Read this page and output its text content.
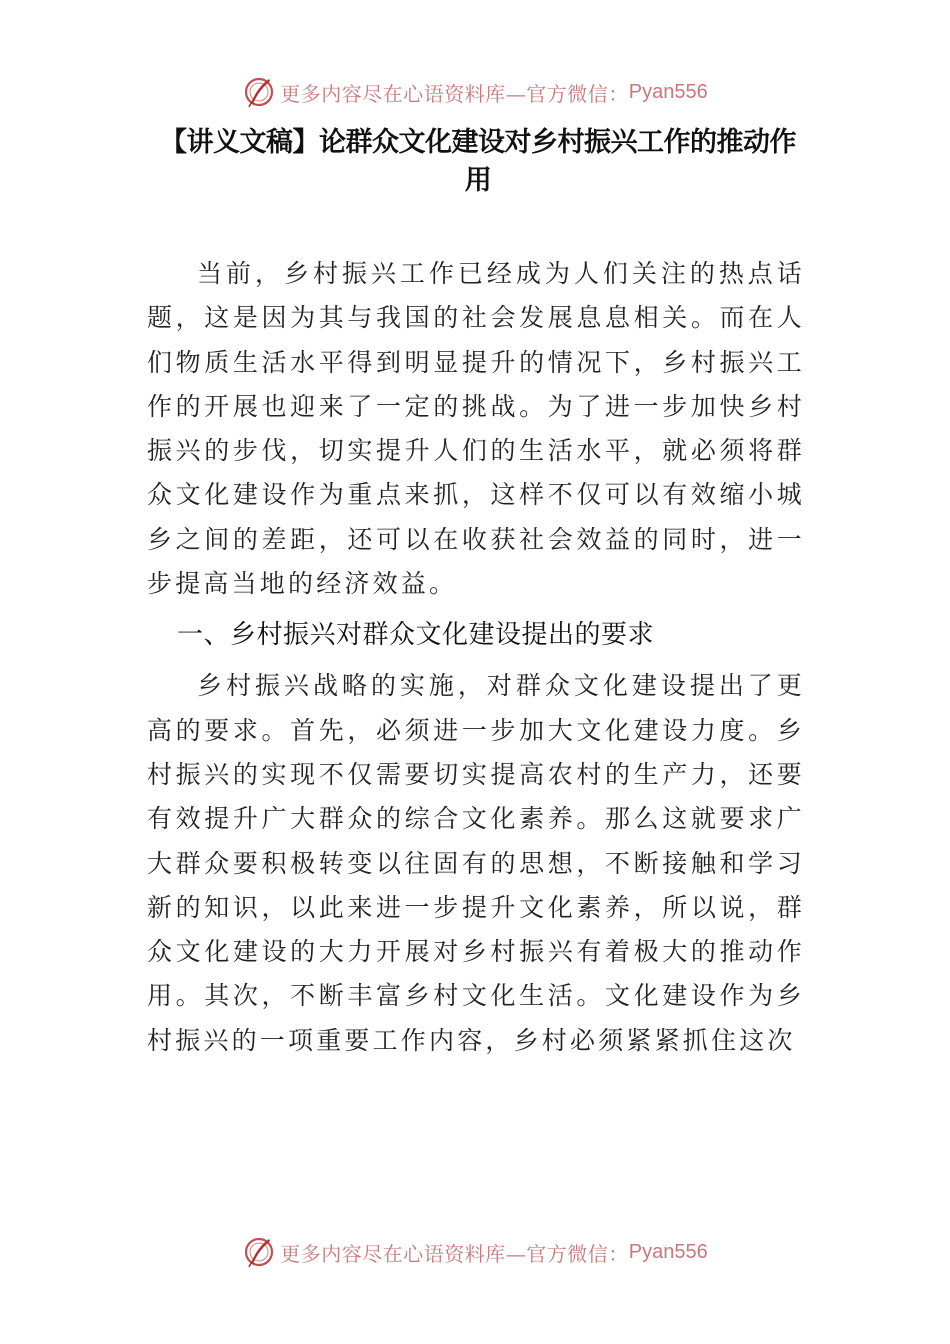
更多内容尽在心语资料库—官方微信： Pyan556
【讲义文稿】论群众文化建设对乡村振兴工作的推动作用

当前，乡村振兴工作已经成为人们关注的热点话题，这是因为其与我国的社会发展息息相关。而在人们物质生活水平得到明显提升的情况下，乡村振兴工作的开展也迎来了一定的挑战。为了进一步加快乡村振兴的步伐，切实提升人们的生活水平，就必须将群众文化建设作为重点来抓，这样不仅可以有效缩小城乡之间的差距，还可以在收获社会效益的同时，进一步提高当地的经济效益。

一、乡村振兴对群众文化建设提出的要求

乡村振兴战略的实施，对群众文化建设提出了更高的要求。首先，必须进一步加大文化建设力度。乡村振兴的实现不仅需要切实提高农村的生产力，还要有效提升广大群众的综合文化素养。那么这就要求广大群众要积极转变以往固有的思想，不断接触和学习新的知识，以此来进一步提升文化素养，所以说，群众文化建设的大力开展对乡村振兴有着极大的推动作用。其次，不断丰富乡村文化生活。文化建设作为乡村振兴的一项重要工作内容，乡村必须紧紧抓住这次

更多内容尽在心语资料库—官方微信： Pyan556
